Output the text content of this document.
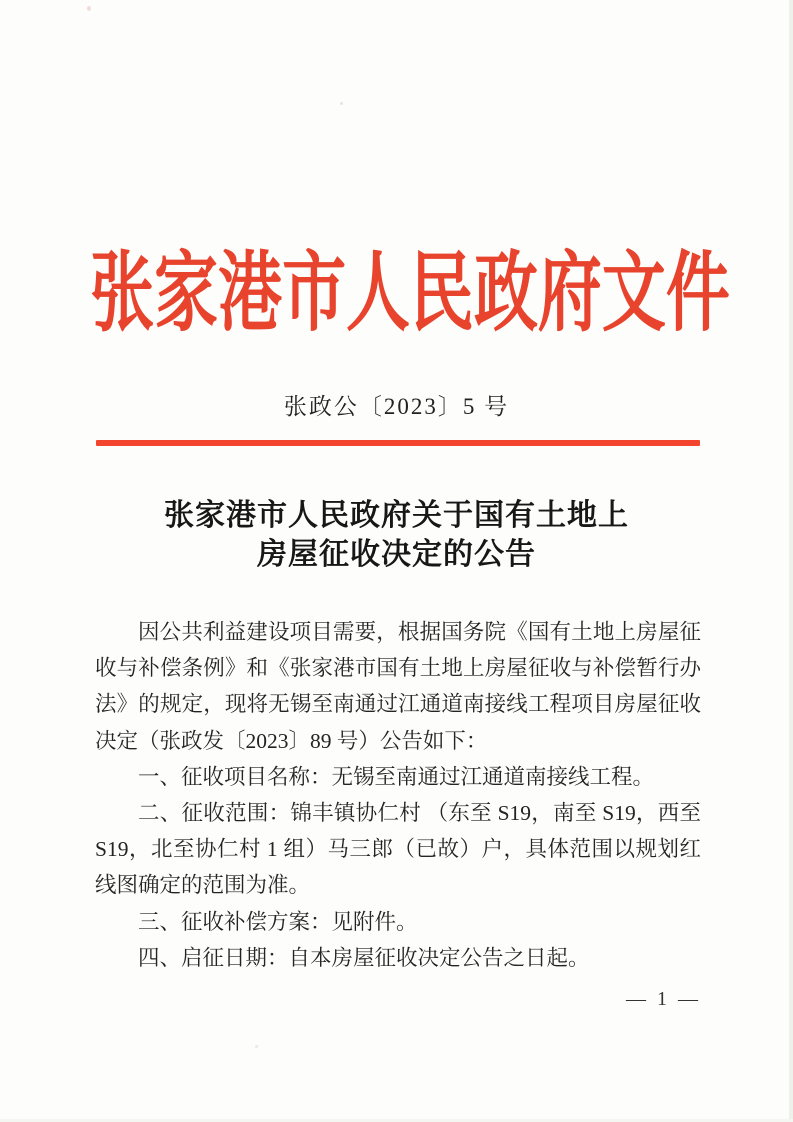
张家港市人民政府文件
张政公〔2023〕5 号
张家港市人民政府关于国有土地上
房屋征收决定的公告

因公共利益建设项目需要，根据国务院《国有土地上房屋征收与补偿条例》和《张家港市国有土地上房屋征收与补偿暂行办法》的规定，现将无锡至南通过江通道南接线工程项目房屋征收决定（张政发〔2023〕89 号）公告如下：

一、征收项目名称：无锡至南通过江通道南接线工程。

二、征收范围：锦丰镇协仁村 （东至 S19，南至 S19，西至 S19，北至协仁村 1 组）马三郎（已故）户，具体范围以规划红线图确定的范围为准。

三、征收补偿方案：见附件。

四、启征日期：自本房屋征收决定公告之日起。

— 1 —
